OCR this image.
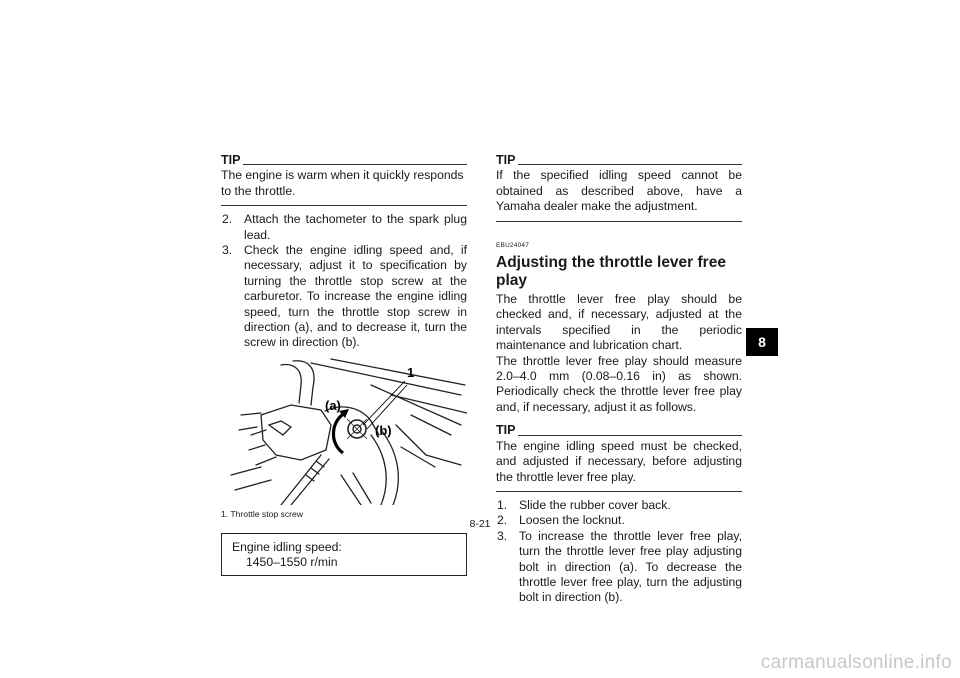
TIP
The engine is warm when it quickly responds to the throttle.
2. Attach the tachometer to the spark plug lead.
3. Check the engine idling speed and, if necessary, adjust it to specification by turning the throttle stop screw at the carburetor. To increase the engine idling speed, turn the throttle stop screw in direction (a), and to decrease it, turn the screw in direction (b).
1
(a)
(b)
1. Throttle stop screw
Engine idling speed:
1450–1550 r/min
TIP
If the specified idling speed cannot be obtained as described above, have a Yamaha dealer make the adjustment.
EBU24047
Adjusting the throttle lever free play
The throttle lever free play should be checked and, if necessary, adjusted at the intervals specified in the periodic maintenance and lubrication chart.
The throttle lever free play should measure 2.0–4.0 mm (0.08–0.16 in) as shown. Periodically check the throttle lever free play and, if necessary, adjust it as follows.
TIP
The engine idling speed must be checked, and adjusted if necessary, before adjusting the throttle lever free play.
1. Slide the rubber cover back.
2. Loosen the locknut.
3. To increase the throttle lever free play, turn the throttle lever free play adjusting bolt in direction (a). To decrease the throttle lever free play, turn the adjusting bolt in direction (b).
8
8-21
carmanualsonline.info
